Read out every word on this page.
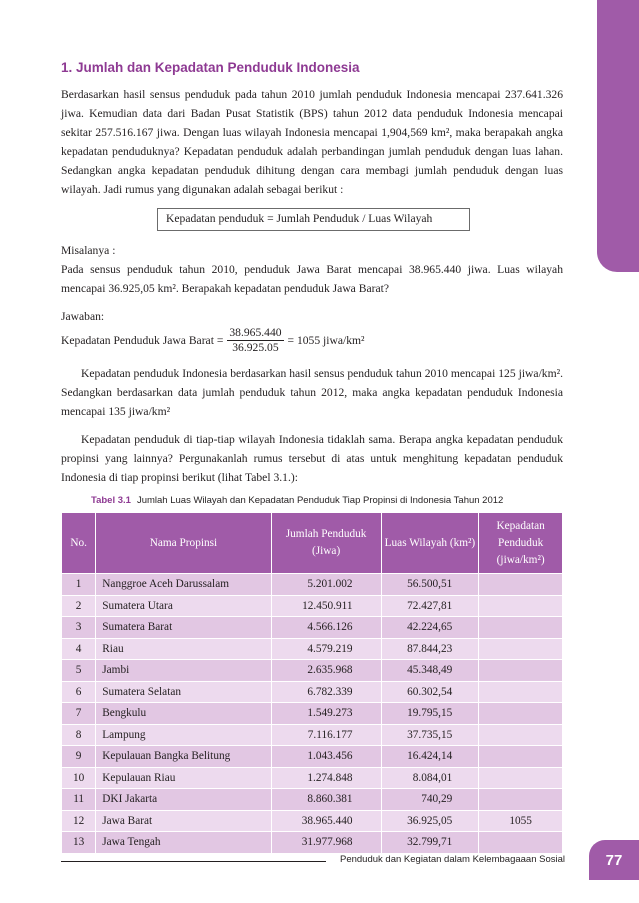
1. Jumlah dan Kepadatan Penduduk Indonesia

Berdasarkan hasil sensus penduduk pada tahun 2010 jumlah penduduk Indonesia mencapai 237.641.326 jiwa. Kemudian data dari Badan Pusat Statistik (BPS) tahun 2012 data penduduk Indonesia mencapai sekitar 257.516.167 jiwa. Dengan luas wilayah Indonesia mencapai 1,904,569 km², maka berapakah angka kepadatan penduduknya? Kepadatan penduduk adalah perbandingan jumlah penduduk dengan luas lahan. Sedangkan angka kepadatan penduduk dihitung dengan cara membagi jumlah penduduk dengan luas wilayah. Jadi rumus yang digunakan adalah sebagai berikut :

Kepadatan penduduk = Jumlah Penduduk / Luas Wilayah

Misalanya :

Pada sensus penduduk tahun 2010, penduduk Jawa Barat mencapai 38.965.440 jiwa. Luas wilayah mencapai 36.925,05 km². Berapakah kepadatan penduduk Jawa Barat?

Jawaban:

Kepadatan Penduduk Jawa Barat = $\frac{38.965.440}{36.925.05} = 1055$ jiwa/km²

Kepadatan penduduk Indonesia berdasarkan hasil sensus penduduk tahun 2010 mencapai 125 jiwa/km². Sedangkan berdasarkan data jumlah penduduk tahun 2012, maka angka kepadatan penduduk Indonesia mencapai 135 jiwa/km²

Kepadatan penduduk di tiap-tiap wilayah Indonesia tidaklah sama. Berapa angka kepadatan penduduk propinsi yang lainnya? Pergunakanlah rumus tersebut di atas untuk menghitung kepadatan penduduk Indonesia di tiap propinsi berikut (lihat Tabel 3.1.):

Tabel 3.1 Jumlah Luas Wilayah dan Kepadatan Penduduk Tiap Propinsi di Indonesia Tahun 2012
No.	Nama Propinsi	Jumlah Penduduk (Jiwa)	Luas Wilayah (km²)	Kepadatan Penduduk (jiwa/km²)
1	Nanggroe Aceh Darussalam	5.201.002	56.500,51	
2	Sumatera Utara	12.450.911	72.427,81	
3	Sumatera Barat	4.566.126	42.224,65	
4	Riau	4.579.219	87.844,23	
5	Jambi	2.635.968	45.348,49	
6	Sumatera Selatan	6.782.339	60.302,54	
7	Bengkulu	1.549.273	19.795,15	
8	Lampung	7.116.177	37.735,15	
9	Kepulauan Bangka Belitung	1.043.456	16.424,14	
10	Kepulauan Riau	1.274.848	8.084,01	
11	DKI Jakarta	8.860.381	740,29	
12	Jawa Barat	38.965.440	36.925,05	1055
13	Jawa Tengah	31.977.968	32.799,71	
Penduduk dan Kegiatan dalam Kelembagaaan Sosial	77
